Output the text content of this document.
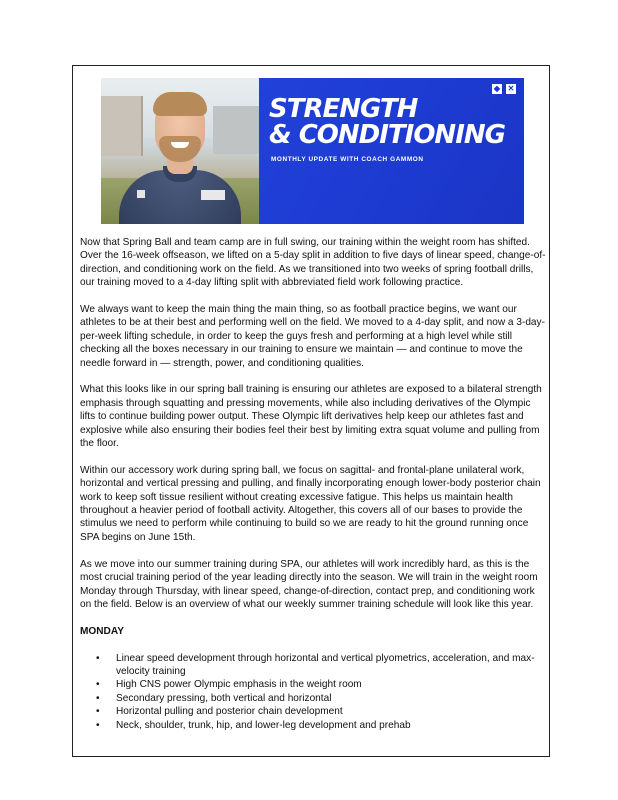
◆ ✕
STRENGTH
& CONDITIONING
MONTHLY UPDATE WITH COACH GAMMON

Now that Spring Ball and team camp are in full swing, our training within the weight room has shifted. Over the 16-week offseason, we lifted on a 5-day split in addition to five days of linear speed, change-of-direction, and conditioning work on the field. As we transitioned into two weeks of spring football drills, our training moved to a 4-day lifting split with abbreviated field work following practice.

We always want to keep the main thing the main thing, so as football practice begins, we want our athletes to be at their best and performing well on the field. We moved to a 4-day split, and now a 3-day-per-week lifting schedule, in order to keep the guys fresh and performing at a high level while still checking all the boxes necessary in our training to ensure we maintain — and continue to move the needle forward in — strength, power, and conditioning qualities.

What this looks like in our spring ball training is ensuring our athletes are exposed to a bilateral strength emphasis through squatting and pressing movements, while also including derivatives of the Olympic lifts to continue building power output. These Olympic lift derivatives help keep our athletes fast and explosive while also ensuring their bodies feel their best by limiting extra squat volume and pulling from the floor.

Within our accessory work during spring ball, we focus on sagittal- and frontal-plane unilateral work, horizontal and vertical pressing and pulling, and finally incorporating enough lower-body posterior chain work to keep soft tissue resilient without creating excessive fatigue. This helps us maintain health throughout a heavier period of football activity. Altogether, this covers all of our bases to provide the stimulus we need to perform while continuing to build so we are ready to hit the ground running once SPA begins on June 15th.

As we move into our summer training during SPA, our athletes will work incredibly hard, as this is the most crucial training period of the year leading directly into the season. We will train in the weight room Monday through Thursday, with linear speed, change-of-direction, contact prep, and conditioning work on the field. Below is an overview of what our weekly summer training schedule will look like this year.

MONDAY
• Linear speed development through horizontal and vertical plyometrics, acceleration, and max-velocity training
• High CNS power Olympic emphasis in the weight room
• Secondary pressing, both vertical and horizontal
• Horizontal pulling and posterior chain development
• Neck, shoulder, trunk, hip, and lower-leg development and prehab
